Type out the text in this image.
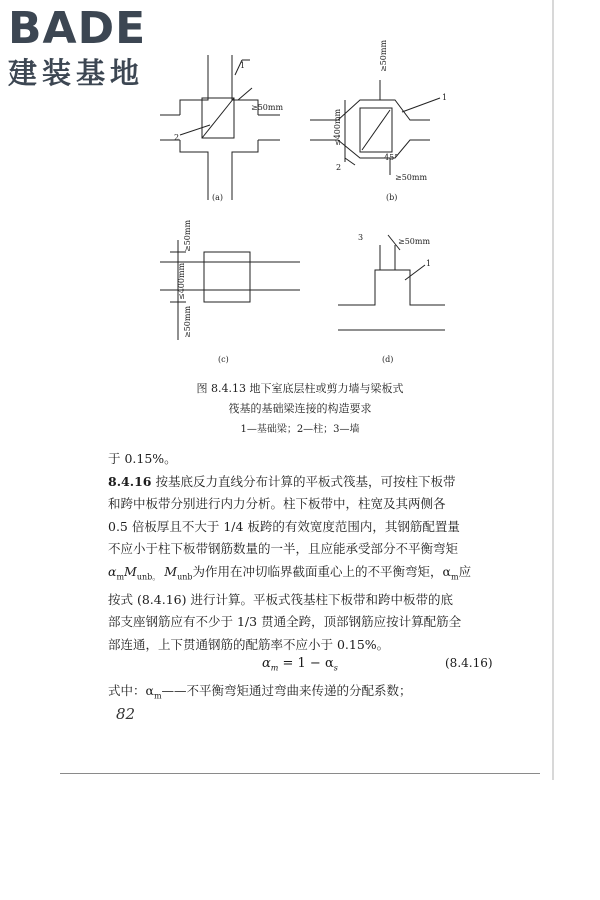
BADE
建装基地
(a)
≥50mm
1
2
(b)
45°
≥50mm
1
2
≥50mm
≤400mm
(c)
≤400mm
≥50mm
≥50mm
(d)
≥50mm
3
1
图 8.4.13 地下室底层柱或剪力墙与梁板式
筏基的基础梁连接的构造要求
1—基础梁；2—柱；3—墙
于 0.15%。
8.4.16 按基底反力直线分布计算的平板式筏基，可按柱下板带
和跨中板带分别进行内力分析。柱下板带中，柱宽及其两侧各
0.5 倍板厚且不大于 1/4 板跨的有效宽度范围内，其钢筋配置量
不应小于柱下板带钢筋数量的一半，且应能承受部分不平衡弯矩
$\alpha_mM_{unb。}$ $M_{unb}$为作用在冲切临界截面重心上的不平衡弯矩，$\alpha_m$应
按式 (8.4.16) 进行计算。平板式筏基柱下板带和跨中板带的底
部支座钢筋应有不少于 1/3 贯通全跨，顶部钢筋应按计算配筋全
部连通，上下贯通钢筋的配筋率不应小于 0.15%。
$\alpha_m = 1 - \alpha_s$	(8.4.16)
式中：$\alpha_m——$不平衡弯矩通过弯曲来传递的分配系数；
82
